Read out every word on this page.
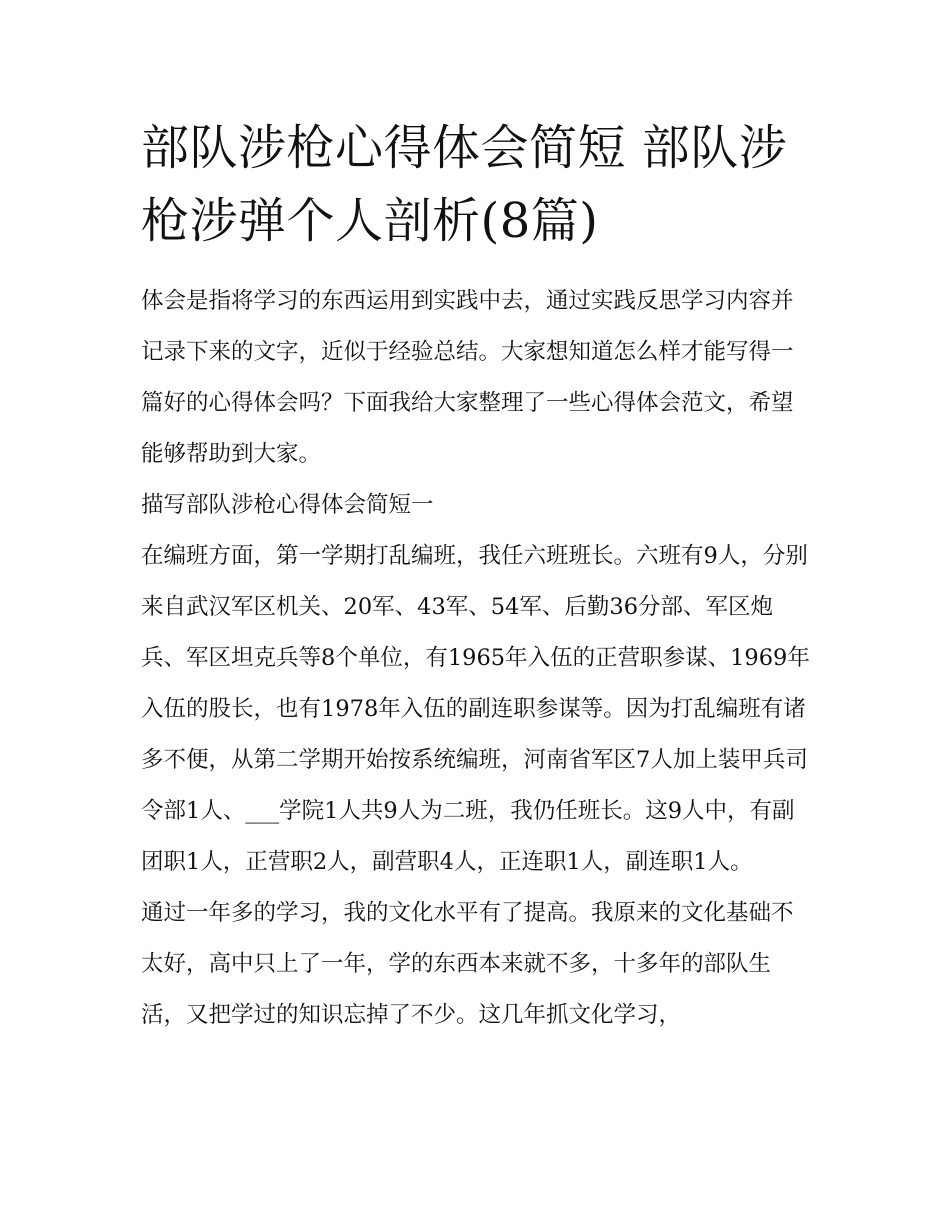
部队涉枪心得体会简短 部队涉枪涉弹个人剖析(8篇)

体会是指将学习的东西运用到实践中去，通过实践反思学习内容并记录下来的文字，近似于经验总结。大家想知道怎么样才能写得一篇好的心得体会吗？下面我给大家整理了一些心得体会范文，希望能够帮助到大家。

描写部队涉枪心得体会简短一

在编班方面，第一学期打乱编班，我任六班班长。六班有9人，分别来自武汉军区机关、20军、43军、54军、后勤36分部、军区炮兵、军区坦克兵等8个单位，有1965年入伍的正营职参谋、1969年入伍的股长，也有1978年入伍的副连职参谋等。因为打乱编班有诸多不便，从第二学期开始按系统编班，河南省军区7人加上装甲兵司令部1人、___学院1人共9人为二班，我仍任班长。这9人中，有副团职1人，正营职2人，副营职4人，正连职1人，副连职1人。

通过一年多的学习，我的文化水平有了提高。我原来的文化基础不太好，高中只上了一年，学的东西本来就不多，十多年的部队生活，又把学过的知识忘掉了不少。这几年抓文化学习，
